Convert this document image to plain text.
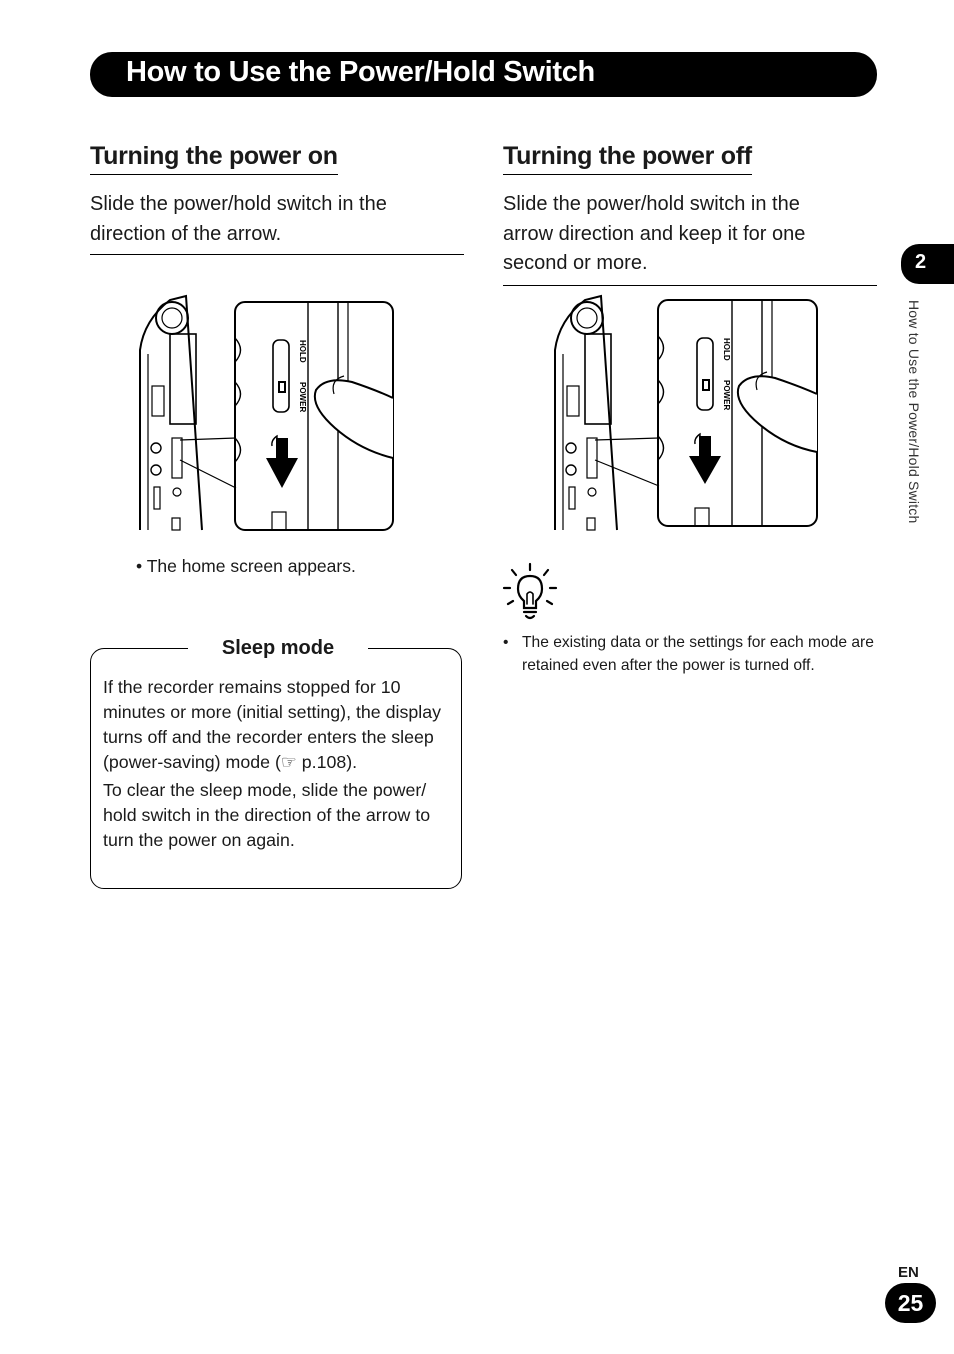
How to Use the Power/Hold Switch
Turning the power on
Slide the power/hold switch in the
direction of the arrow.
HOLD
POWER
• The home screen appears.
Sleep mode

If the recorder remains stopped for 10 minutes or more (initial setting), the display turns off and the recorder enters the sleep (power-saving) mode (☞ p.108).

To clear the sleep mode, slide the power/ hold switch in the direction of the arrow to turn the power on again.

Turning the power off
Slide the power/hold switch in the
arrow direction and keep it for one
second or more.
HOLD
POWER
• The existing data or the settings for each mode are retained even after the power is turned off.
2
How to Use the Power/Hold Switch
EN
25
